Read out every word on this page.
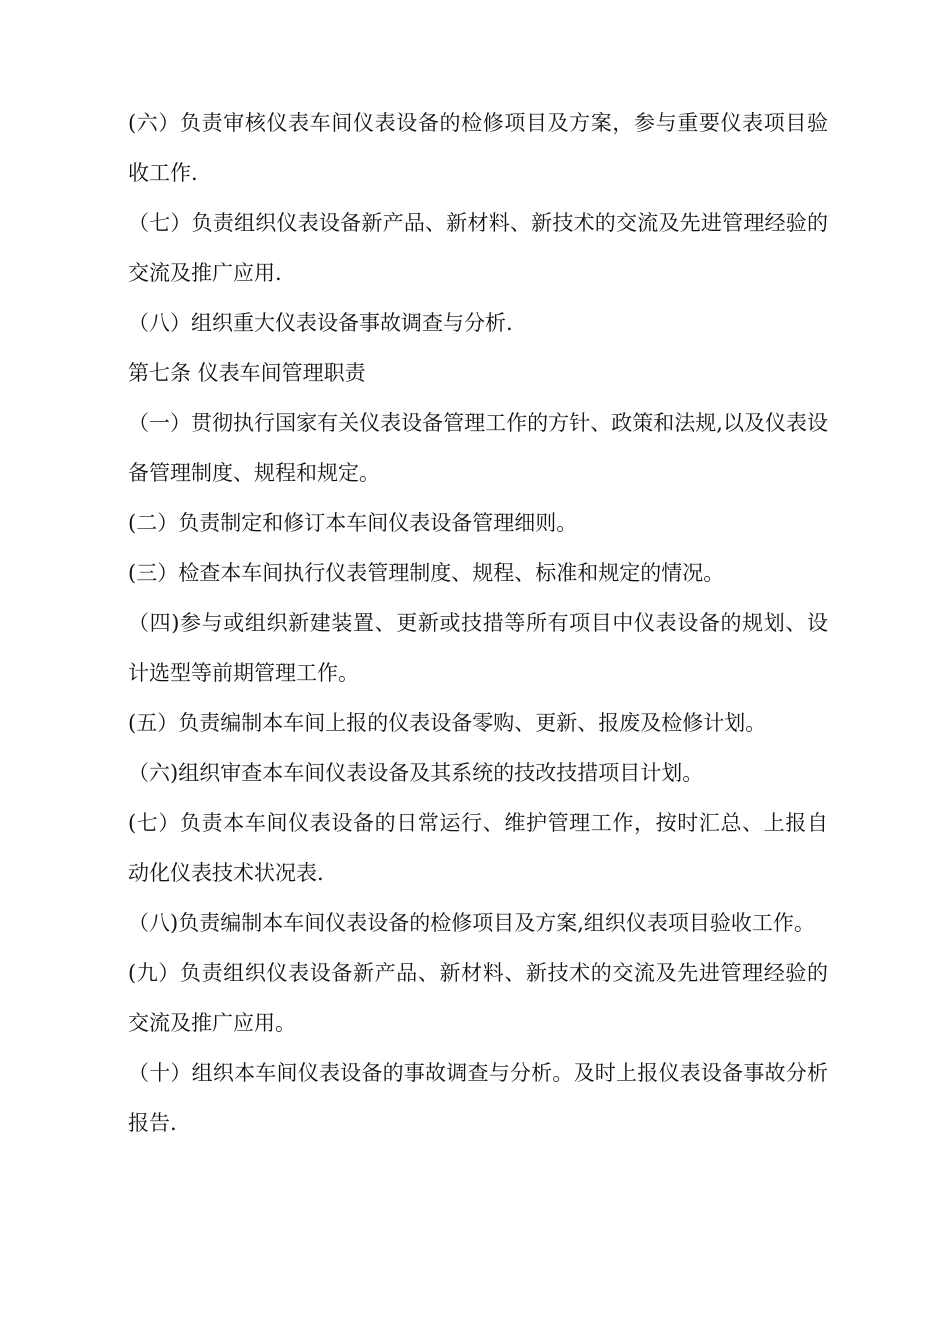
(六）负责审核仪表车间仪表设备的检修项目及方案，参与重要仪表项目验收工作.

（七）负责组织仪表设备新产品、新材料、新技术的交流及先进管理经验的交流及推广应用.

（八）组织重大仪表设备事故调查与分析.

第七条 仪表车间管理职责

（一）贯彻执行国家有关仪表设备管理工作的方针、政策和法规,以及仪表设备管理制度、规程和规定。

(二）负责制定和修订本车间仪表设备管理细则。

(三）检查本车间执行仪表管理制度、规程、标准和规定的情况。

（四)参与或组织新建装置、更新或技措等所有项目中仪表设备的规划、设计选型等前期管理工作。

(五）负责编制本车间上报的仪表设备零购、更新、报废及检修计划。

（六)组织审查本车间仪表设备及其系统的技改技措项目计划。

(七）负责本车间仪表设备的日常运行、维护管理工作，按时汇总、上报自动化仪表技术状况表.

（八)负责编制本车间仪表设备的检修项目及方案,组织仪表项目验收工作。

(九）负责组织仪表设备新产品、新材料、新技术的交流及先进管理经验的交流及推广应用。

（十）组织本车间仪表设备的事故调查与分析。及时上报仪表设备事故分析报告.
